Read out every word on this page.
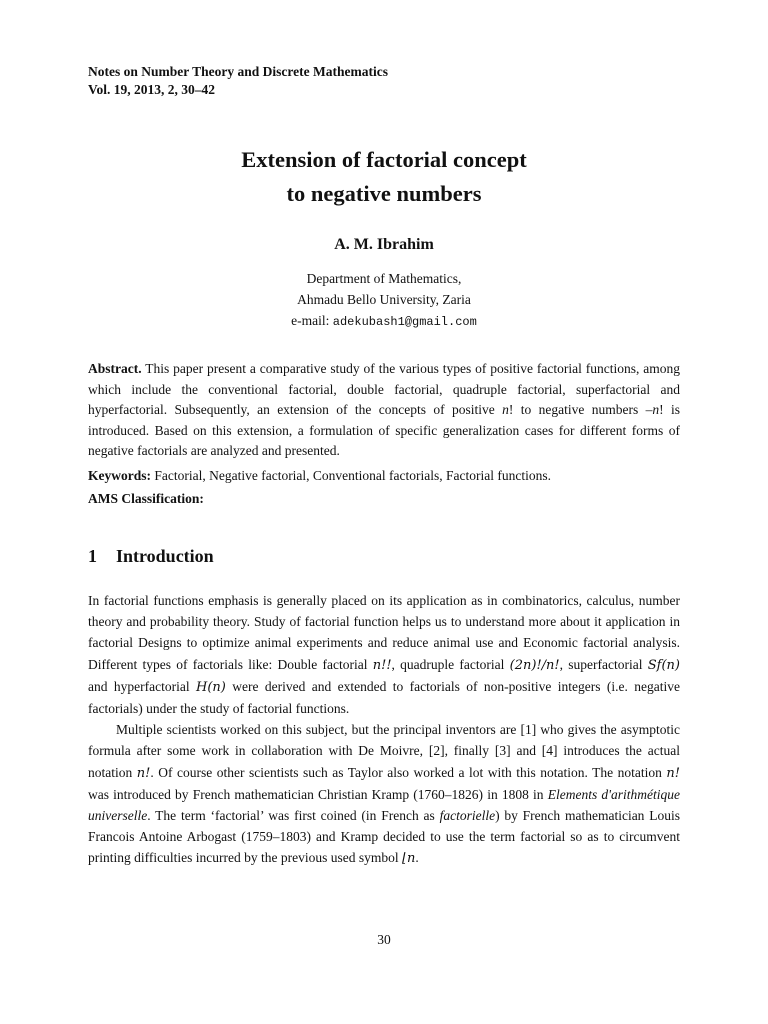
Notes on Number Theory and Discrete Mathematics
Vol. 19, 2013, 2, 30–42
Extension of factorial concept
to negative numbers
A. M. Ibrahim
Department of Mathematics,
Ahmadu Bello University, Zaria
e-mail: adekubash1@gmail.com

Abstract. This paper present a comparative study of the various types of positive factorial functions, among which include the conventional factorial, double factorial, quadruple factorial, superfactorial and hyperfactorial. Subsequently, an extension of the concepts of positive n! to negative numbers –n! is introduced. Based on this extension, a formulation of specific generalization cases for different forms of negative factorials are analyzed and presented.

Keywords: Factorial, Negative factorial, Conventional factorials, Factorial functions.
AMS Classification:
1 Introduction

In factorial functions emphasis is generally placed on its application as in combinatorics, calculus, number theory and probability theory. Study of factorial function helps us to understand more about it application in factorial Designs to optimize animal experiments and reduce animal use and Economic factorial analysis. Different types of factorials like: Double factorial n!!, quadruple factorial (2n)!/n!, superfactorial Sf(n) and hyperfactorial H(n) were derived and extended to factorials of non-positive integers (i.e. negative factorials) under the study of factorial functions.

Multiple scientists worked on this subject, but the principal inventors are [1] who gives the asymptotic formula after some work in collaboration with De Moivre, [2], finally [3] and [4] introduces the actual notation n!. Of course other scientists such as Taylor also worked a lot with this notation. The notation n! was introduced by French mathematician Christian Kramp (1760–1826) in 1808 in Elements d'arithmétique universelle. The term ‘factorial’ was first coined (in French as factorielle) by French mathematician Louis Francois Antoine Arbogast (1759–1803) and Kramp decided to use the term factorial so as to circumvent printing difficulties incurred by the previous used symbol ⌊n.

30
